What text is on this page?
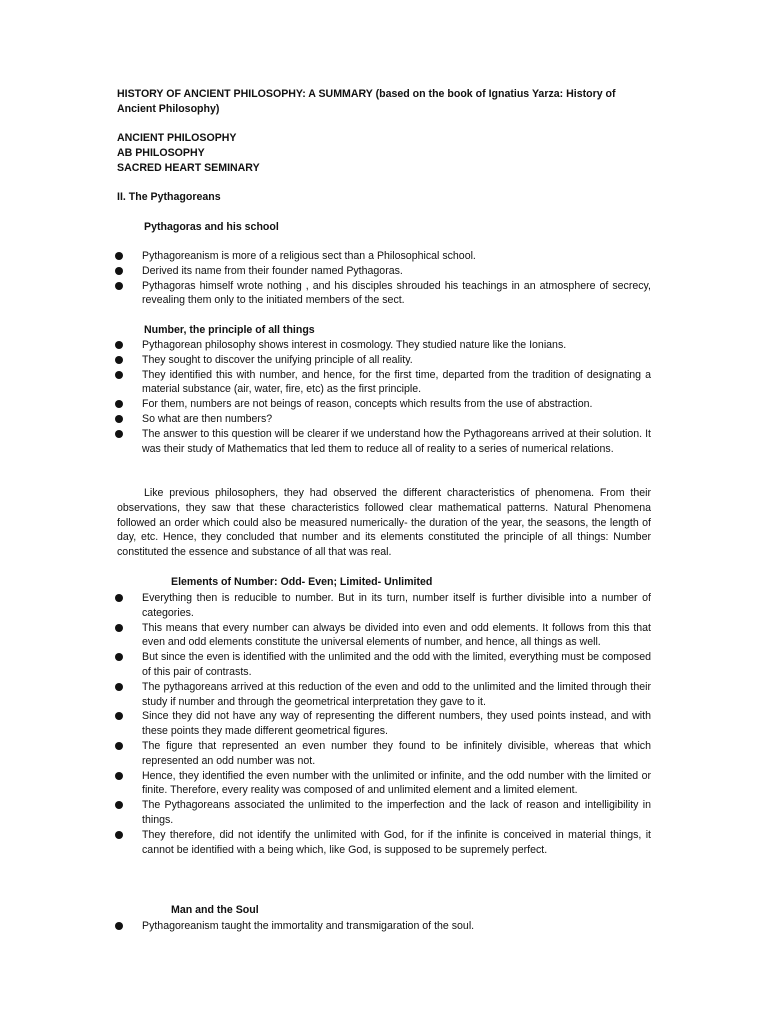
HISTORY OF ANCIENT PHILOSOPHY: A SUMMARY (based on the book of Ignatius Yarza: History of Ancient Philosophy)
ANCIENT PHILOSOPHY
AB PHILOSOPHY
SACRED HEART SEMINARY
II. The Pythagoreans
Pythagoras and his school
Pythagoreanism is more of a religious sect than a Philosophical school.
Derived its name from their founder named Pythagoras.
Pythagoras himself wrote nothing , and his disciples shrouded his teachings in an atmosphere of secrecy, revealing them only to the initiated members of the sect.
Number, the principle of all things
Pythagorean philosophy shows interest in cosmology. They studied nature like the Ionians.
They sought to discover the unifying principle of all reality.
They identified this with number, and hence, for the first time, departed from the tradition of designating a material substance (air, water, fire, etc) as the first principle.
For them, numbers are not beings of reason, concepts which results from the use of abstraction.
So what are then numbers?
The answer to this question will be clearer if we understand how the Pythagoreans arrived at their solution. It was their study of Mathematics that led them to reduce all of reality to a series of numerical relations.
Like previous philosophers, they had observed the different characteristics of phenomena. From their observations, they saw that these characteristics followed clear mathematical patterns. Natural Phenomena followed an order which could also be measured numerically- the duration of the year, the seasons, the length of day, etc. Hence, they concluded that number and its elements constituted the principle of all things: Number constituted the essence and substance of all that was real.
Elements of Number: Odd- Even; Limited- Unlimited
Everything then is reducible to number. But in its turn, number itself is further divisible into a number of categories.
This means that every number can always be divided into even and odd elements. It follows from this that even and odd elements constitute the universal elements of number, and hence, all things as well.
But since the even is identified with the unlimited and the odd with the limited, everything must be composed of this pair of contrasts.
The pythagoreans arrived at this reduction of the even and odd to the unlimited and the limited through their study if number and through the geometrical interpretation they gave to it.
Since they did not have any way of representing the different numbers, they used points instead, and with these points they made different geometrical figures.
The figure that represented an even number they found to be infinitely divisible, whereas that which represented an odd number was not.
Hence, they identified the even number with the unlimited or infinite, and the odd number with the limited or finite. Therefore, every reality was composed of and unlimited element and a limited element.
The Pythagoreans associated the unlimited to the imperfection and the lack of reason and intelligibility in things.
They therefore, did not identify the unlimited with God, for if the infinite is conceived in material things, it cannot be identified with a being which, like God, is supposed to be supremely perfect.
Man and the Soul
Pythagoreanism taught the immortality and transmigaration of the soul.
